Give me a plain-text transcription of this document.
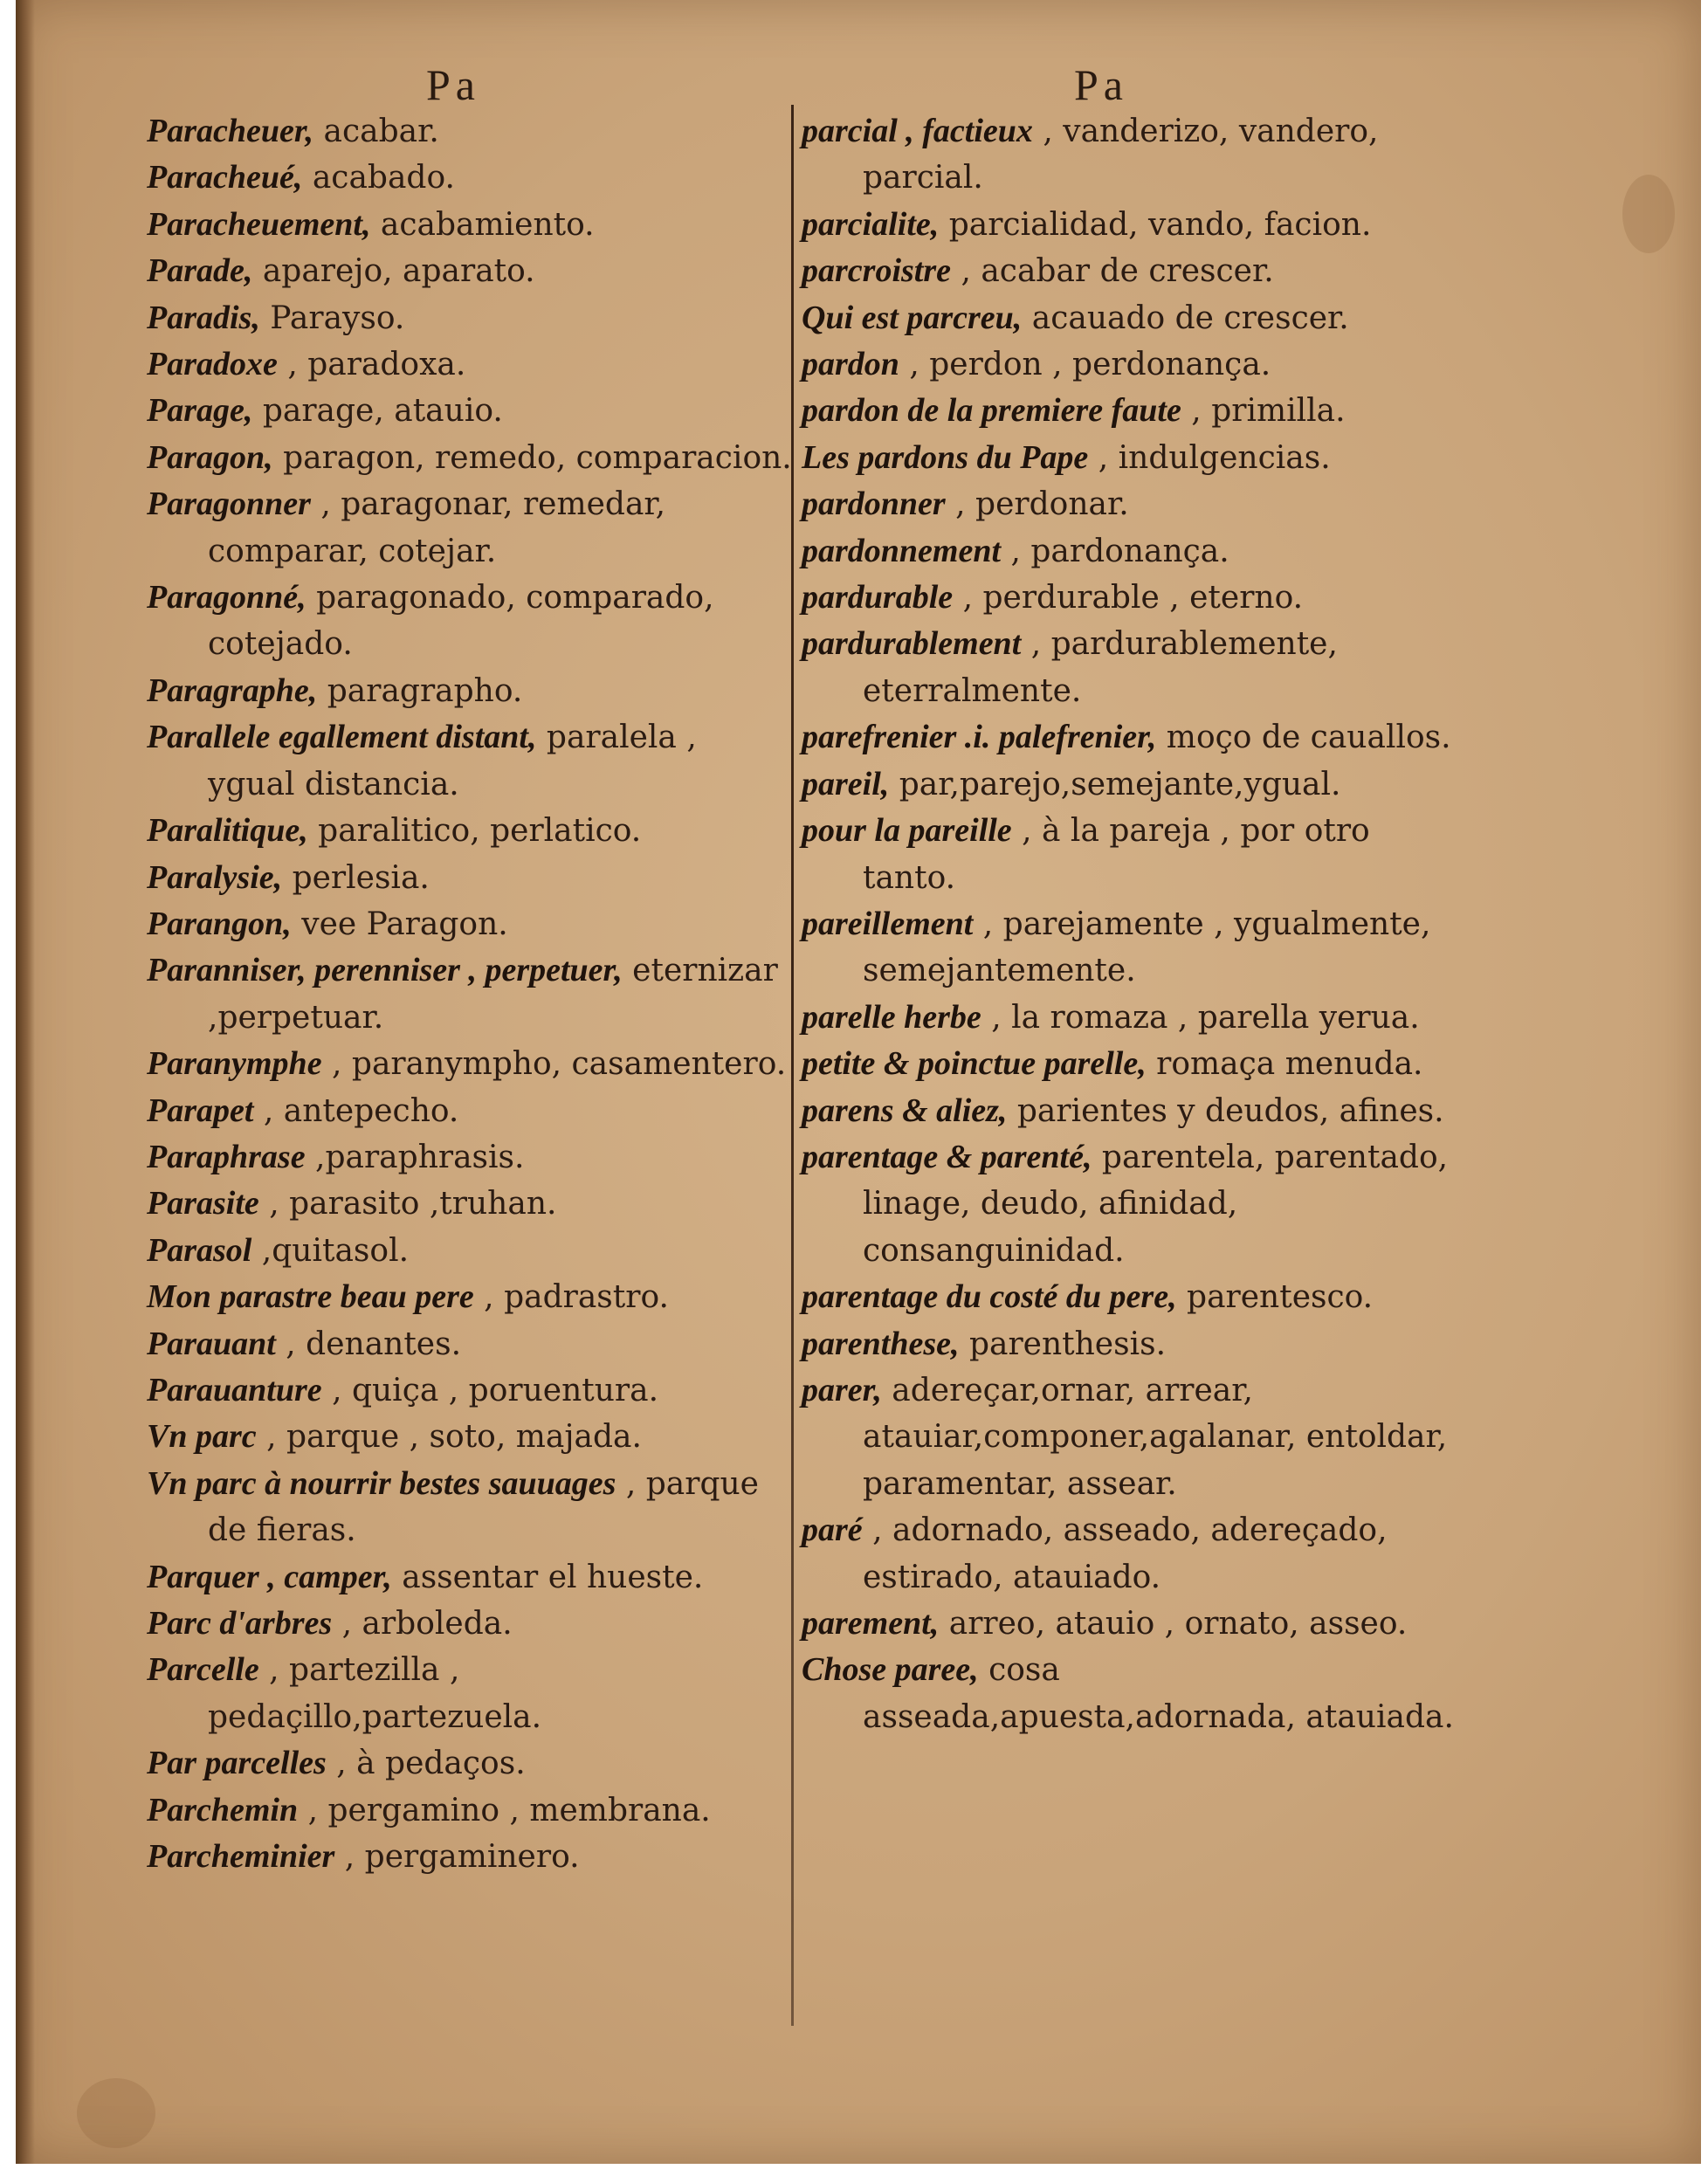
Pa	Pa
Paracheuer, acabar.
Paracheué, acabado.
Paracheuement, acabamiento.
Parade, aparejo, aparato.
Paradis, Parayso.
Paradoxe , paradoxa.
Parage, parage, atauio.
Paragon, paragon, remedo, comparacion.
Paragonner , paragonar, remedar, comparar, cotejar.
Paragonné, paragonado, comparado, cotejado.
Paragraphe, paragrapho.
Parallele egallement distant, paralela , ygual distancia.
Paralitique, paralitico, perlatico.
Paralysie, perlesia.
Parangon, vee Paragon.
Paranniser, perenniser , perpetuer, eternizar ,perpetuar.
Paranymphe , paranympho, casamentero.
Parapet , antepecho.
Paraphrase ,paraphrasis.
Parasite , parasito ,truhan.
Parasol ,quitasol.
Mon parastre beau pere , padrastro.
Parauant , denantes.
Parauanture , quiça , poruentura.
Vn parc , parque , soto, majada.
Vn parc à nourrir bestes sauuages , parque de fieras.
Parquer , camper, assentar el hueste.
Parc d'arbres , arboleda.
Parcelle , partezilla , pedaçillo,partezuela.
Par parcelles , à pedaços.
Parchemin , pergamino , membrana.
Parcheminier , pergaminero.
parcial , factieux , vanderizo, vandero, parcial.
parcialite, parcialidad, vando, facion.
parcroistre , acabar de crescer.
Qui est parcreu, acauado de crescer.
pardon , perdon , perdonança.
pardon de la premiere faute , primilla.
Les pardons du Pape , indulgencias.
pardonner , perdonar.
pardonnement , pardonança.
pardurable , perdurable , eterno.
pardurablement , pardurablemente, eterralmente.
parefrenier .i. palefrenier, moço de cauallos.
pareil, par,parejo,semejante,ygual.
pour la pareille , à la pareja , por otro tanto.
pareillement , parejamente , ygualmente, semejantemente.
parelle herbe , la romaza , parella yerua.
petite & poinctue parelle, romaça menuda.
parens & aliez, parientes y deudos, afines.
parentage & parenté, parentela, parentado, linage, deudo, afinidad, consanguinidad.
parentage du costé du pere, parentesco.
parenthese, parenthesis.
parer, adereçar,ornar, arrear, atauiar,componer,agalanar, entoldar, paramentar, assear.
paré , adornado, asseado, adereçado, estirado, atauiado.
parement, arreo, atauio , ornato, asseo.
Chose paree, cosa asseada,apuesta,adornada, atauiada.
